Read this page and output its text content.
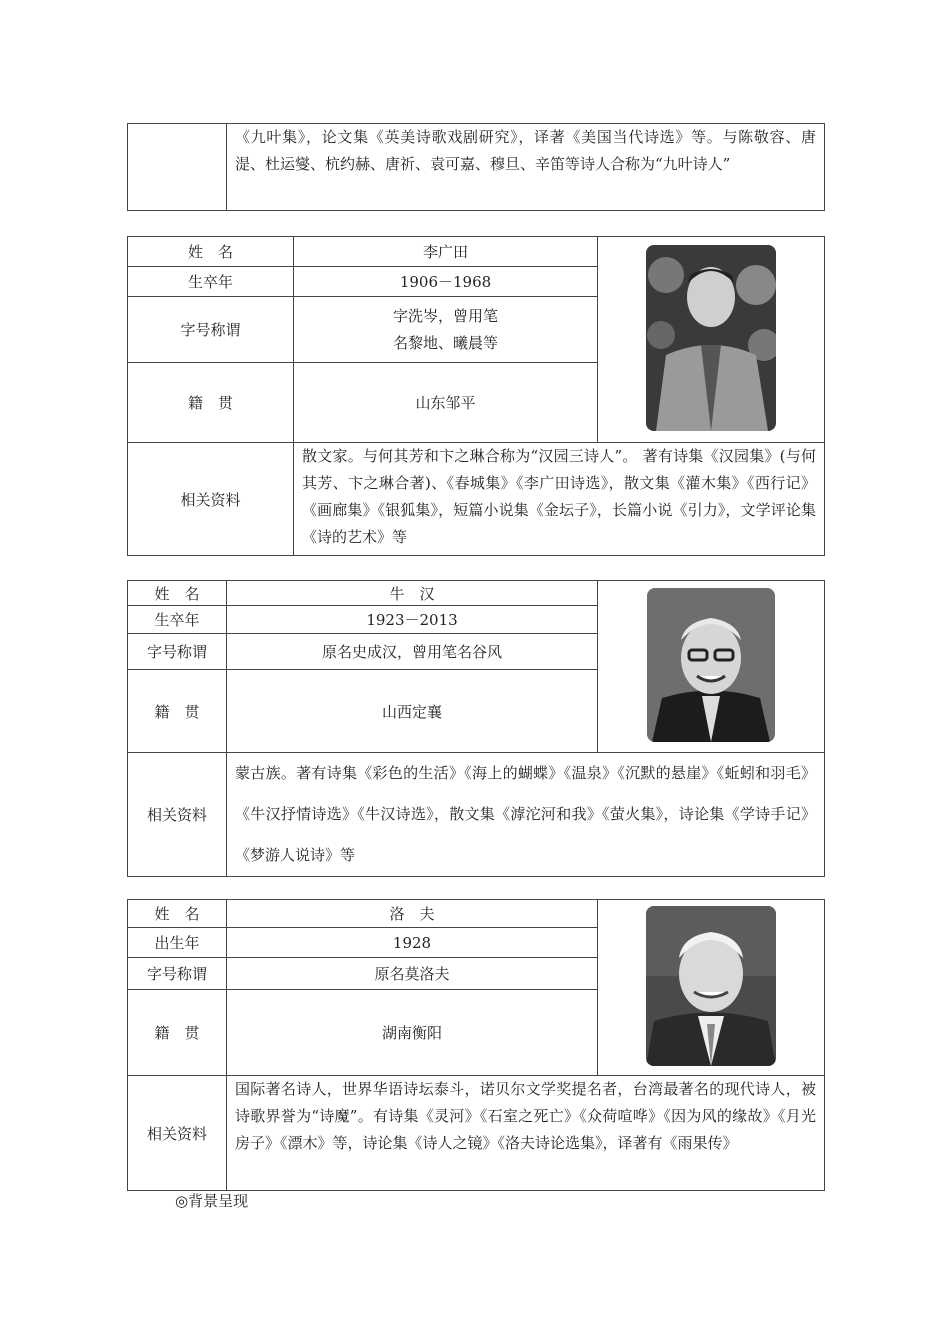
	《九叶集》，论文集《英美诗歌戏剧研究》，译著《美国当代诗选》等。与陈敬容、唐湜、杜运燮、杭约赫、唐祈、袁可嘉、穆旦、辛笛等诗人合称为“九叶诗人”
姓　名	李广田	

生卒年	1906－1968	
字号称谓	字洗岑，曾用笔
名黎地、曦晨等	

籍　贯	山东邹平	
相关资料	散文家。与何其芳和卞之琳合称为“汉园三诗人”。 著有诗集《汉园集》(与何其芳、卞之琳合著)、《春城集》《李广田诗选》，散文集《灌木集》《西行记》《画廊集》《银狐集》，短篇小说集《金坛子》，长篇小说《引力》，文学评论集《诗的艺术》等	
姓　名	牛　汉	

生卒年	1923－2013	
字号称谓	原名史成汉，曾用笔名谷风	
籍　贯	山西定襄	
相关资料	蒙古族。著有诗集《彩色的生活》《海上的蝴蝶》《温泉》《沉默的悬崖》《蚯蚓和羽毛》《牛汉抒情诗选》《牛汉诗选》，散文集《滹沱河和我》《萤火集》，诗论集《学诗手记》《梦游人说诗》等	
姓　名	洛　夫	

出生年	1928	
字号称谓	原名莫洛夫	
籍　贯	湖南衡阳	
相关资料	国际著名诗人，世界华语诗坛泰斗，诺贝尔文学奖提名者，台湾最著名的现代诗人，被诗歌界誉为“诗魔”。有诗集《灵河》《石室之死亡》《众荷喧哗》《因为风的缘故》《月光房子》《漂木》等，诗论集《诗人之镜》《洛夫诗论选集》，译著有《雨果传》	
◎背景呈现
